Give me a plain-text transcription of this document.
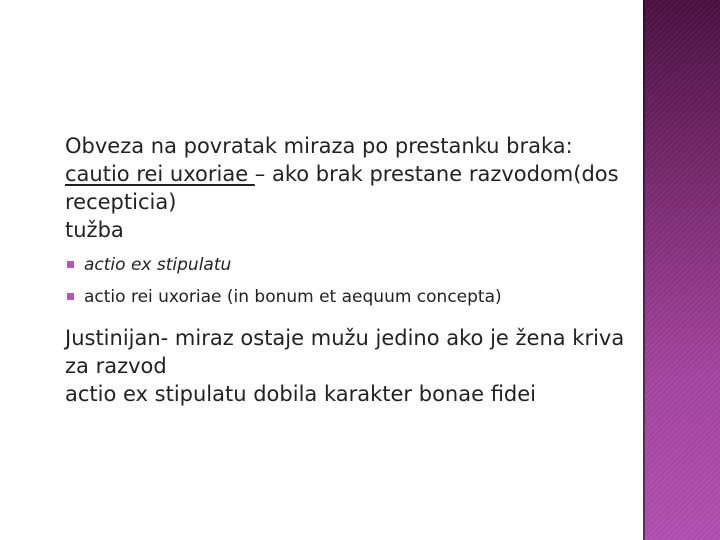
Obveza na povratak miraza po prestanku braka:
cautio rei uxoriae – ako brak prestane razvodom(dos recepticia)
tužba
actio ex stipulatu
actio rei uxoriae (in bonum et aequum concepta)
Justinijan- miraz ostaje mužu jedino ako je žena kriva za razvod
actio ex stipulatu dobila karakter bonae fidei
